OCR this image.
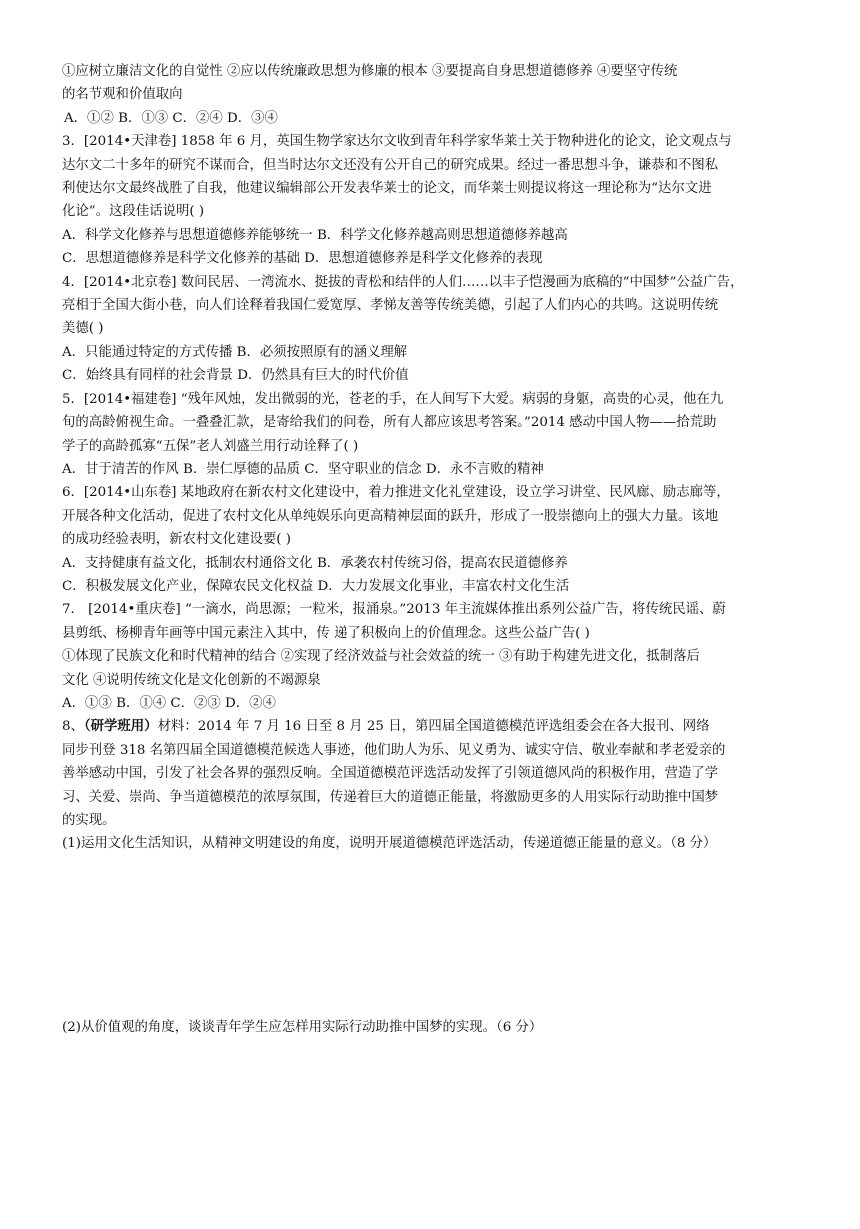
①应树立廉洁文化的自觉性 ②应以传统廉政思想为修廉的根本 ③要提高自身思想道德修养 ④要坚守传统
的名节观和价值取向
A．①② B．①③ C．②④ D．③④
3．[2014•天津卷] 1858 年 6 月，英国生物学家达尔文收到青年科学家华莱士关于物种进化的论文，论文观点与
达尔文二十多年的研究不谋而合，但当时达尔文还没有公开自己的研究成果。经过一番思想斗争，谦恭和不图私
利使达尔文最终战胜了自我，他建议编辑部公开发表华莱士的论文，而华莱士则提议将这一理论称为“达尔文进
化论”。这段佳话说明( )
A．科学文化修养与思想道德修养能够统一 B．科学文化修养越高则思想道德修养越高
C．思想道德修养是科学文化修养的基础 D．思想道德修养是科学文化修养的表现
4．[2014•北京卷] 数问民居、一湾流水、挺拔的青松和结伴的人们……以丰子恺漫画为底稿的“中国梦”公益广告，
亮相于全国大街小巷，向人们诠释着我国仁爱宽厚、孝悌友善等传统美德，引起了人们内心的共鸣。这说明传统
美德( )
A．只能通过特定的方式传播 B．必须按照原有的涵义理解
C．始终具有同样的社会背景 D．仍然具有巨大的时代价值
5．[2014•福建卷] “残年风烛，发出微弱的光，苍老的手，在人间写下大爱。病弱的身躯，高贵的心灵，他在九
旬的高龄俯视生命。一叠叠汇款，是寄给我们的问卷，所有人都应该思考答案。”2014 感动中国人物——拾荒助
学子的高龄孤寡“五保”老人刘盛兰用行动诠释了( )
A．甘于清苦的作风 B．崇仁厚德的品质 C．坚守职业的信念 D．永不言败的精神
6．[2014•山东卷] 某地政府在新农村文化建设中，着力推进文化礼堂建设，设立学习讲堂、民风廊、励志廊等，
开展各种文化活动，促进了农村文化从单纯娱乐向更高精神层面的跃升，形成了一股崇德向上的强大力量。该地
的成功经验表明，新农村文化建设要( )
A．支持健康有益文化，抵制农村通俗文化 B．承袭农村传统习俗，提高农民道德修养
C．积极发展文化产业，保障农民文化权益 D．大力发展文化事业，丰富农村文化生活
7． [2014•重庆卷] “一滴水，尚思源；一粒米，报涌泉。”2013 年主流媒体推出系列公益广告，将传统民谣、蔚
县剪纸、杨柳青年画等中国元素注入其中，传 递了积极向上的价值理念。这些公益广告( )
①体现了民族文化和时代精神的结合 ②实现了经济效益与社会效益的统一 ③有助于构建先进文化，抵制落后
文化 ④说明传统文化是文化创新的不竭源泉
A．①③ B．①④ C．②③ D．②④
8、（研学班用）材料：2014 年 7 月 16 日至 8 月 25 日，第四届全国道德模范评选组委会在各大报刊、网络
同步刊登 318 名第四届全国道德模范候选人事迹，他们助人为乐、见义勇为、诚实守信、敬业奉献和孝老爱亲的
善举感动中国，引发了社会各界的强烈反响。全国道德模范评选活动发挥了引领道德风尚的积极作用，营造了学
习、关爱、崇尚、争当道德模范的浓厚氛围，传递着巨大的道德正能量，将激励更多的人用实际行动助推中国梦
的实现。
(1)运用文化生活知识，从精神文明建设的角度，说明开展道德模范评选活动，传递道德正能量的意义。（8 分）
(2)从价值观的角度，谈谈青年学生应怎样用实际行动助推中国梦的实现。（6 分）
